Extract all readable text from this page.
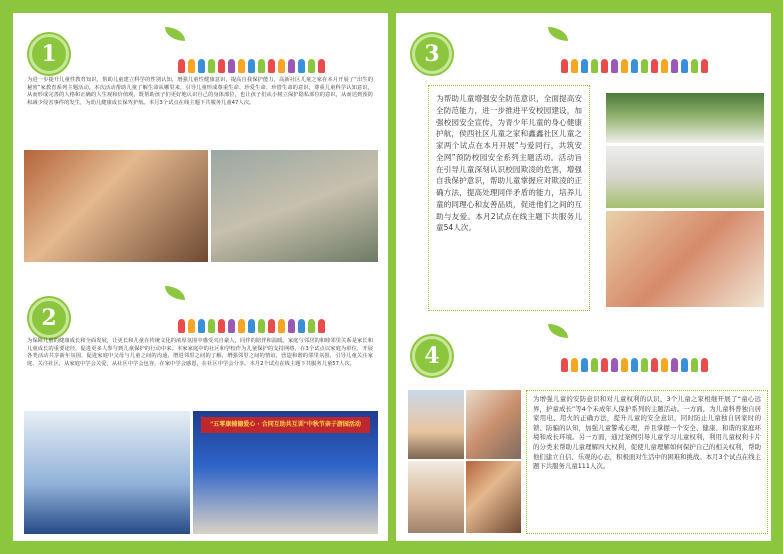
1
为进一步提升儿童性教育知识，帮助儿童建立科学的性别认知，增强儿童性健康意识，提高自我保护能力，高新社区儿童之家在本月开展了“出生的秘密”家教育系列主题活动。本次活动帮助儿童了解生命从哪里来，引导儿童形成尊重生命、珍爱生命、珍惜生命的意识，尊重儿童科学认知意识，从而形成完善的人格和正确的人生观和价值观，既帮助孩子们更好地认识自己的身体部位，也让孩子们从小树立保护隐私部位的意识，从而达到预防和减少侵害事件的发生，为幼儿健康成长保驾护航。本月3个试点在线主题下共服务儿童47人次。
2
为保障儿童的健康成长和全面发展，让更长和儿童在传统文化的浓厚氛围中感受夹自豪人，同伴的陪伴和温暖。家庭与邻居的和睦邻里关系是家长和儿童成长的重要途径，促进更多人参与到儿童保护的行动中来。本家家庭中的社区和学校作为儿童保护的支持网络，在3个试点以家庭为单位，开展各类活动共享新年氛围，促进家庭中父母与儿童之间的沟通，增进邻里之间的了解，增强邻里之间的情谊，营造和谐的邻里氛围，引导儿童关注家庭、关注社区，从家庭中学会关爱，从社区中学会包容，在家中学会感恩，在社区中学会分享。本月2个试点在线主题下共服务儿童57人次。
"五零康辅德爱心 · 合同互助共互训"中秋节亲子游园活动
3
为帮助儿童增强安全防范意识，全面提高安全防范能力，进一步推进平安校园建设，加强校园安全宣传，为青少年儿童的身心健康护航，侯西社区儿童之家和鑫鑫社区儿童之家两个试点在本月开展“与爱同行，共筑安全网”预防校园安全系列主题活动。活动旨在引导儿童深刻认识校园欺凌的危害，增强自我保护意识，帮助儿童掌握应对欺凌的正确方法，提高处理同伴矛盾的能力，培养儿童的同理心和友善品质，促进他们之间的互助与友爱。本月2试点在线主题下共服务儿童54人次。
4
为增强儿童的安防意识和对儿童权利的认识，3个儿童之家相继开展了“童心远界，护童成长”等4个未成年人保护系列的主题活动。一方面，为儿童科普独自居家用电、用火的正确方法，提升儿童的安全意识，同时防止儿童独自居家时的锁、防骗的认知，加强儿童警戒心理，并且掌握一个安全、健康、和谐的家庭环境和成长环境。另一方面，通过案例引导儿童学习儿童权利，利用儿童权利卡片的分类来帮助儿童理解四大权利，促使儿童理解如何保护自己的相关权利，帮助他们建立自信、乐观的心态，积极面对生活中的困难和挑战。本月3个试点在线主题下共服务儿童111人次。
